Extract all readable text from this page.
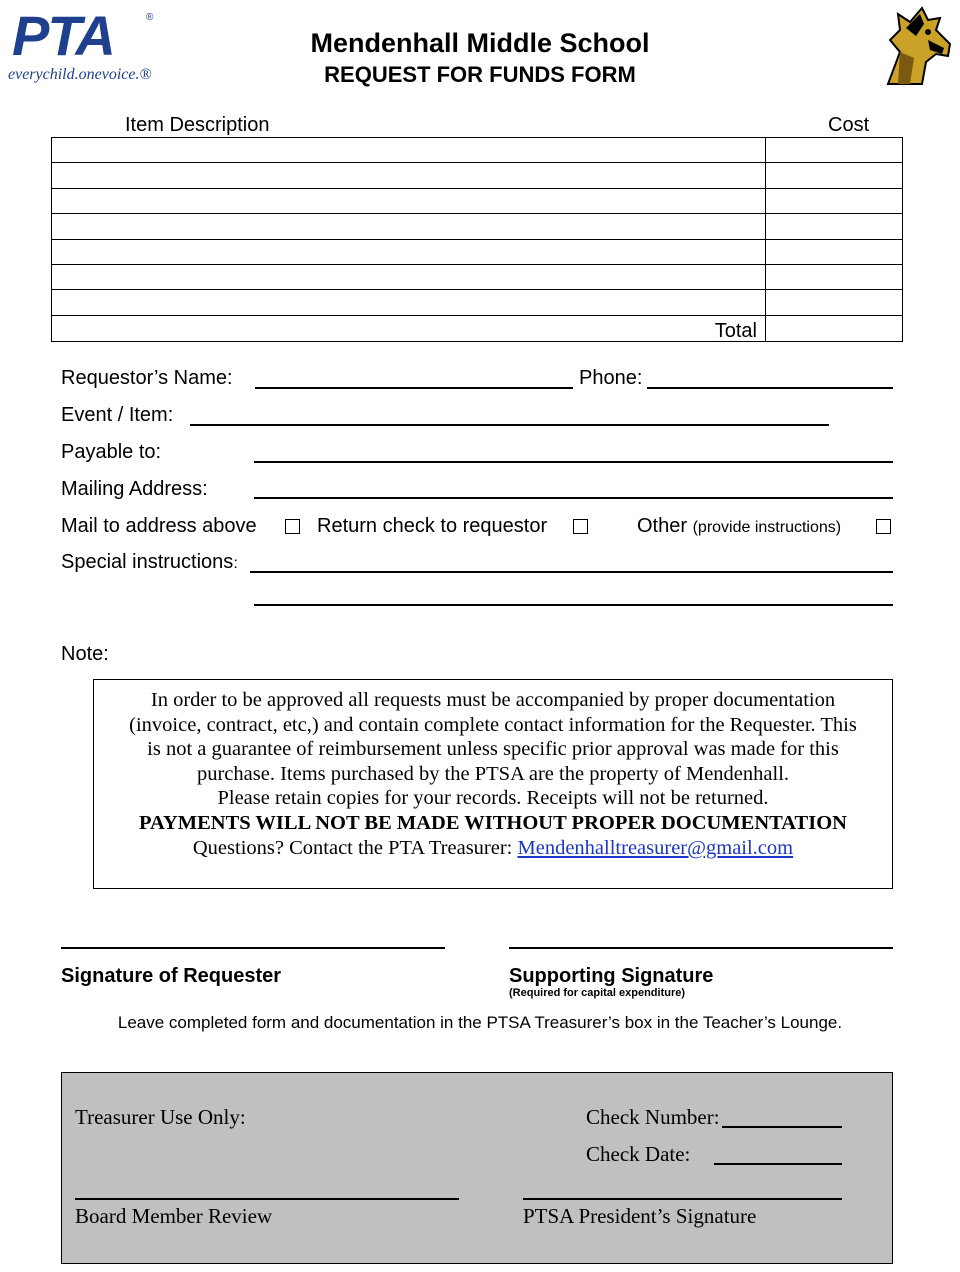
PTA	®
everychild.onevoice.®
Mendenhall Middle School
REQUEST FOR FUNDS FORM
Item Description	Cost
Total
Requestor’s Name:	Phone:
Event / Item:
Payable to:
Mailing Address:
Mail to address above	Return check to requestor	Other (provide instructions)
Special instructions:
Note:
In order to be approved all requests must be accompanied by proper documentation
(invoice, contract, etc,) and contain complete contact information for the Requester. This
is not a guarantee of reimbursement unless specific prior approval was made for this
purchase. Items purchased by the PTSA are the property of Mendenhall.
Please retain copies for your records. Receipts will not be returned.
PAYMENTS WILL NOT BE MADE WITHOUT PROPER DOCUMENTATION
Questions? Contact the PTA Treasurer: Mendenhalltreasurer@gmail.com
Signature of Requester	Supporting Signature
(Required for capital expenditure)
Leave completed form and documentation in the PTSA Treasurer’s box in the Teacher’s Lounge.
Treasurer Use Only:	Check Number:
Check Date:
Board Member Review	PTSA President’s Signature
